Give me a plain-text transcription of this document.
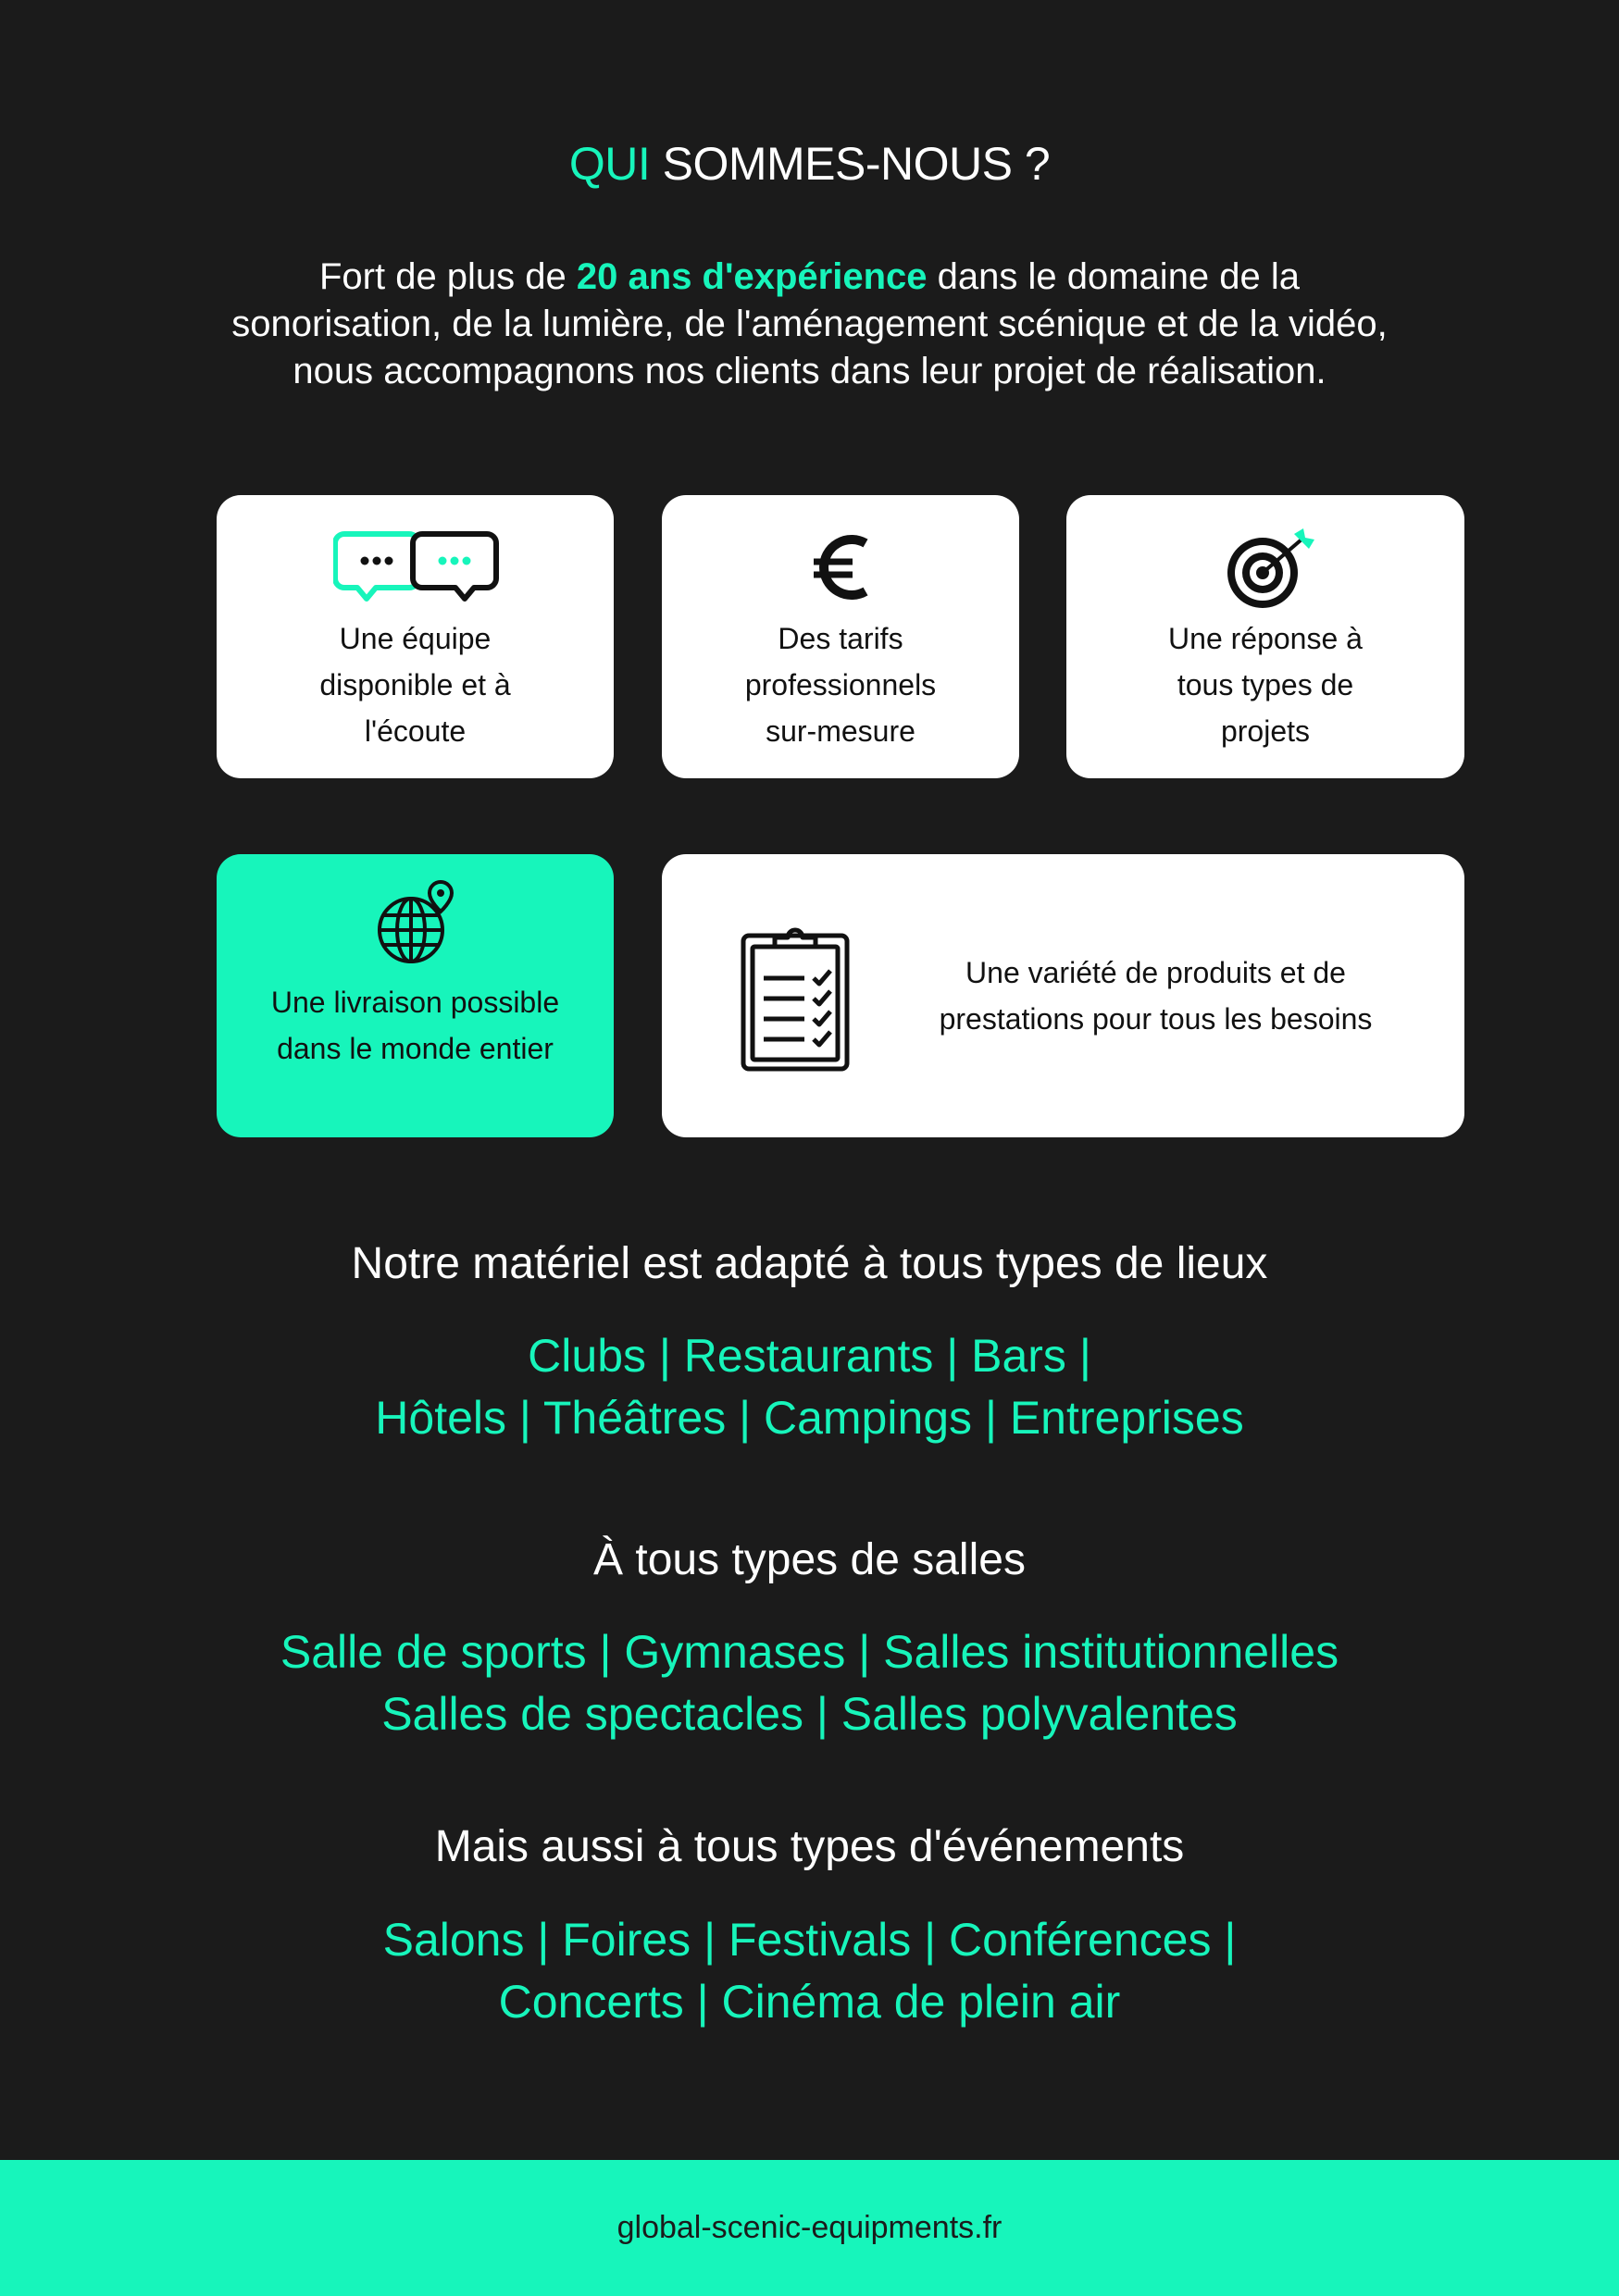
QUI SOMMES-NOUS ?

Fort de plus de 20 ans d'expérience dans le domaine de la

sonorisation, de la lumière, de l'aménagement scénique et de la vidéo,

nous accompagnons nos clients dans leur projet de réalisation.

Une équipe

disponible et à

l'écoute

Des tarifs

professionnels

sur-mesure

Une réponse à

tous types de

projets

Une livraison possible

dans le monde entier

Une variété de produits et de

prestations pour tous les besoins

Notre matériel est adapté à tous types de lieux

Clubs | Restaurants | Bars |

Hôtels | Théâtres | Campings | Entreprises

À tous types de salles

Salle de sports | Gymnases | Salles institutionnelles

Salles de spectacles | Salles polyvalentes

Mais aussi à tous types d'événements

Salons | Foires | Festivals | Conférences |

Concerts | Cinéma de plein air

global-scenic-equipments.fr
